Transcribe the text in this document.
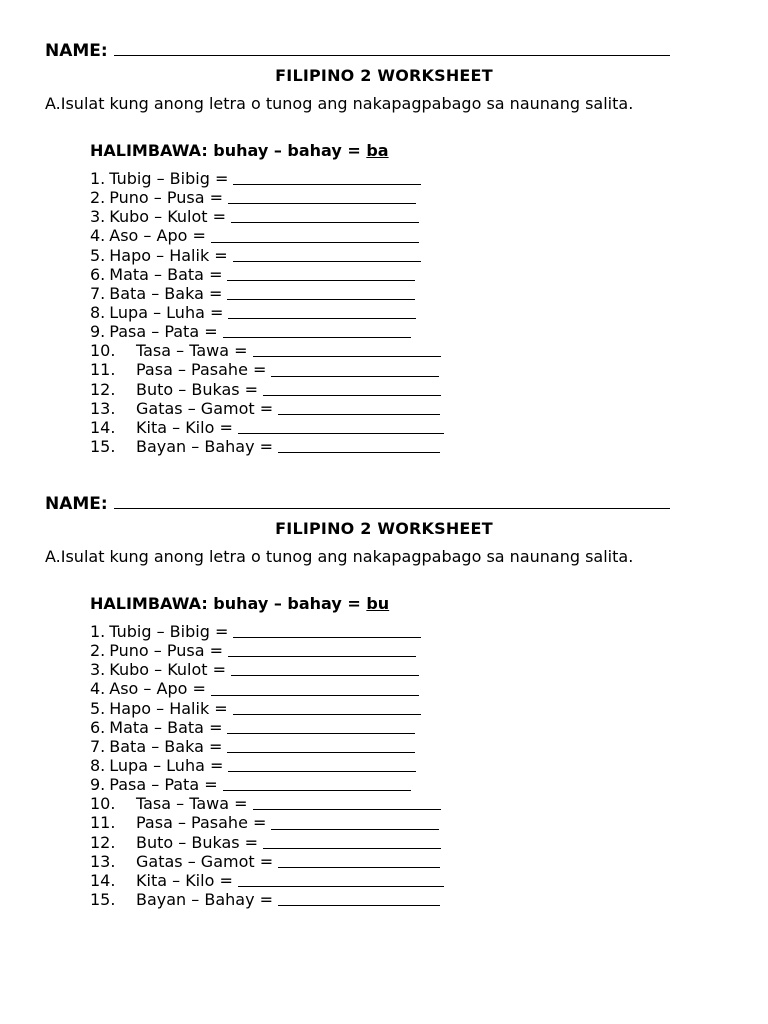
NAME:
FILIPINO 2 WORKSHEET
A.Isulat kung anong letra o tunog ang nakapagpabago sa naunang salita.
HALIMBAWA: buhay – bahay = ba
1. Tubig – Bibig =
2. Puno – Pusa =
3. Kubo – Kulot =
4. Aso – Apo =
5. Hapo – Halik =
6. Mata – Bata =
7. Bata – Baka =
8. Lupa – Luha =
9. Pasa – Pata =
10.	Tasa – Tawa =
11.	Pasa – Pasahe =
12.	Buto – Bukas =
13.	Gatas – Gamot =
14.	Kita – Kilo =
15.	Bayan – Bahay =
NAME:
FILIPINO 2 WORKSHEET
A.Isulat kung anong letra o tunog ang nakapagpabago sa naunang salita.
HALIMBAWA: buhay – bahay = bu
1. Tubig – Bibig =
2. Puno – Pusa =
3. Kubo – Kulot =
4. Aso – Apo =
5. Hapo – Halik =
6. Mata – Bata =
7. Bata – Baka =
8. Lupa – Luha =
9. Pasa – Pata =
10.	Tasa – Tawa =
11.	Pasa – Pasahe =
12.	Buto – Bukas =
13.	Gatas – Gamot =
14.	Kita – Kilo =
15.	Bayan – Bahay =
